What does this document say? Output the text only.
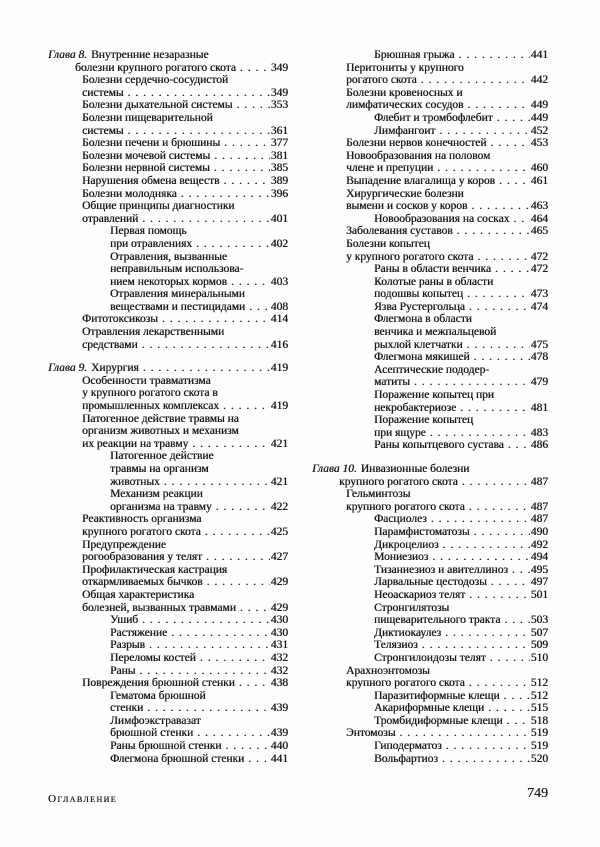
Глава 8. Внутренние незаразные
болезни крупного рогатого скота . . .	349
Болезни сердечно-сосудистой
системы . . .	349
Болезни дыхательной системы . . .	353
Болезни пищеварительной
системы . . .	361
Болезни печени и брюшины . . .	377
Болезни мочевой системы . . .	381
Болезни нервной системы . . .	385
Нарушения обмена веществ . . .	389
Болезни молодняка . . .	396
Общие принципы диагностики
отравлений . . .	401
Первая помощь
при отравлениях . . .	402
Отравления, вызванные
неправильным использова-
нием некоторых кормов . . .	403
Отравления минеральными
веществами и пестицидами . . . 408
Фитотоксикозы . . .	414
Отравления лекарственными
средствами . . .	416
Глава 9. Хирургия . . .	419
Особенности травматизма
у крупного рогатого скота в
промышленных комплексах . . .	419
Патогенное действие травмы на
организм животных и механизм
их реакции на травму . . .	421
Патогенное действие
травмы на организм
животных . . .	421
Механизм реакции
организма на травму . . .	422
Реактивность организма
крупного рогатого скота . . .	425
Предупреждение
рогообразования у телят . . .	427
Профилактическая кастрация
откармливаемых бычков . . .	429
Общая характеристика
болезней, вызванных травмами . . .	429
Ушиб . . .	430
Растяжение . . .	430
Разрыв . . .	431
Переломы костей . . .	432
Раны . . .	432
Повреждения брюшной стенки . . .	438
Гематома брюшной
стенки . . .	439
Лимфоэкстравазат
брюшной стенки . . .	439
Раны брюшной стенки . . .	440
Флегмона брюшной стенки . . . 441
Брюшная грыжа . . .	441
Перитониты у крупного
рогатого скота . . .	442
Болезни кровеносных и
лимфатических сосудов . . .	449
Флебит и тромбофлебит . . .	449
Лимфангоит . . .	452
Болезни нервов конечностей . . .	453
Новообразования на половом
члене и препуции . . .	460
Выпадение влагалища у коров . . .	461
Хирургические болезни
вымени и сосков у коров . . .	463
Новообразования на сосках . . . 464
Заболевания суставов . . .	465
Болезни копытец
у крупного рогатого скота . . .	472
Раны в области венчика . . .	472
Колотые раны в области
подошвы копытец . . .	473
Язва Рустергольца . . .	474
Флегмона в области
венчика и межпальцевой
рыхлой клетчатки . . .	475
Флегмона мякишей . . .	478
Асептические пододер-
матиты . . .	479
Поражение копытец при
некробактериозе . . .	481
Поражение копытец
при ящуре . . .	483
Раны копытцевого сустава . . . 486
Глава 10. Инвазионные болезни
крупного рогатого скота . . .	487
Гельминтозы
крупного рогатого скота . . .	487
Фасциолез . . .	487
Парамфистоматозы . . .	490
Дикроцелиоз . . .	492
Мониезиоз . . .	494
Тизаниезиоз и авителлиноз . . . 495
Ларвальные цестодозы . . .	497
Неоаскариоз телят . . .	501
Стронгилятозы
пищеварительного тракта . . .	503
Диктиокаулез . . .	507
Телязиоз . . .	509
Стронгилоидозы телят . . .	510
Арахноэнтомозы
крупного рогатого скота . . .	512
Паразитиформные клещи . . .	512
Акариформные клещи . . .	515
Тромбидиформные клещи . . . 518
Энтомозы . . .	519
Гиподерматоз . . .	519
Вольфартиоз . . .	520
Оглавление	749
